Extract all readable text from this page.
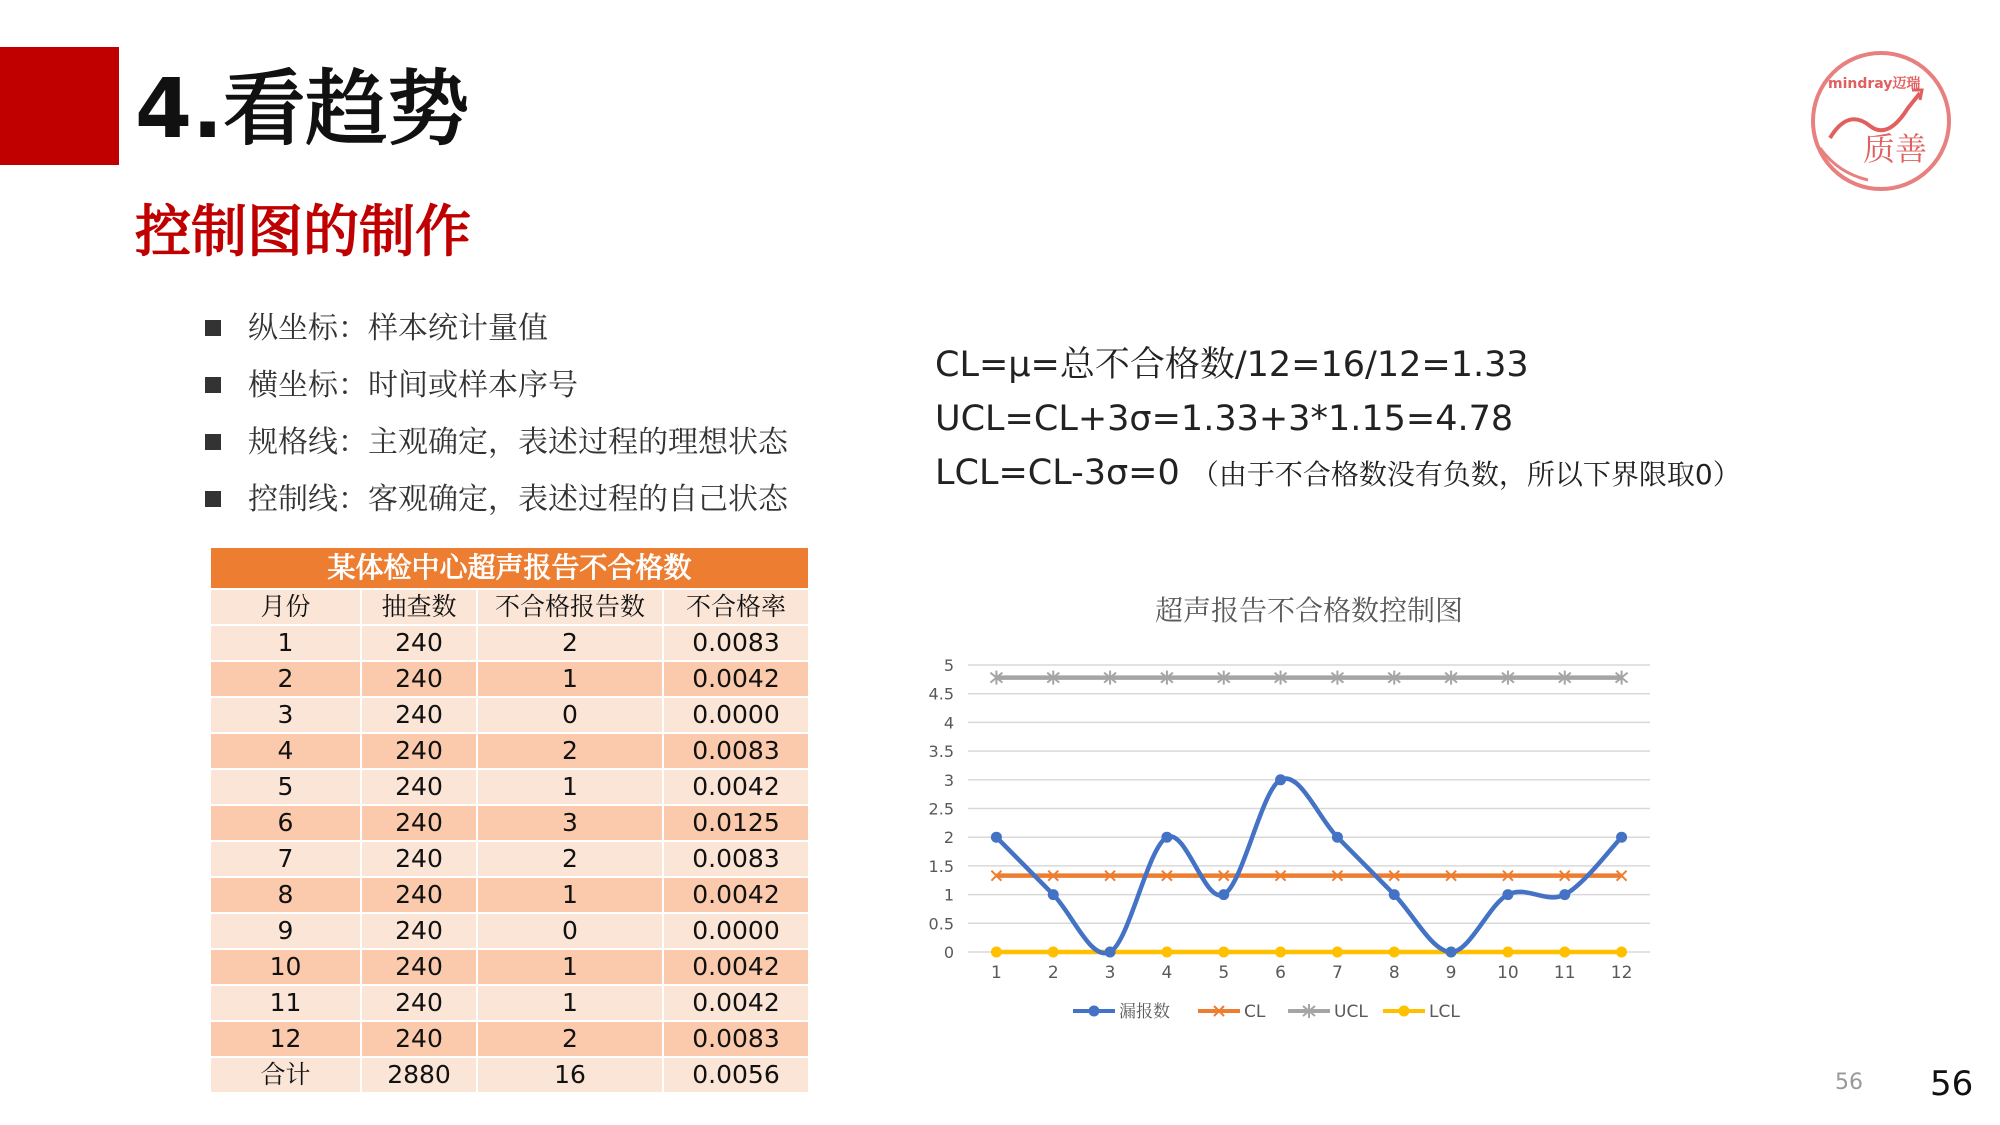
4.看趋势
控制图的制作
纵坐标：样本统计量值
横坐标：时间或样本序号
规格线：主观确定，表述过程的理想状态
控制线：客观确定，表述过程的自己状态
CL=μ=总不合格数/12=16/12=1.33
UCL=CL+3σ=1.33+3*1.15=4.78
LCL=CL-3σ=0 （由于不合格数没有负数，所以下界限取0）
mindray迈瑞
质善
某体检中心超声报告不合格数			
月份	抽查数	不合格报告数	不合格率
1	240	2	0.0083
2	240	1	0.0042
3	240	0	0.0000
4	240	2	0.0083
5	240	1	0.0042
6	240	3	0.0125
7	240	2	0.0083
8	240	1	0.0042
9	240	0	0.0000
10	240	1	0.0042
11	240	1	0.0042
12	240	2	0.0083
合计	2880	16	0.0056
超声报告不合格数控制图
0
0.5
1
1.5
2
2.5
3
3.5
4
4.5
5
1	2	3	4	5	6	7	8	9 10 11 12
漏报数	CL	UCL	LCL
56 56
